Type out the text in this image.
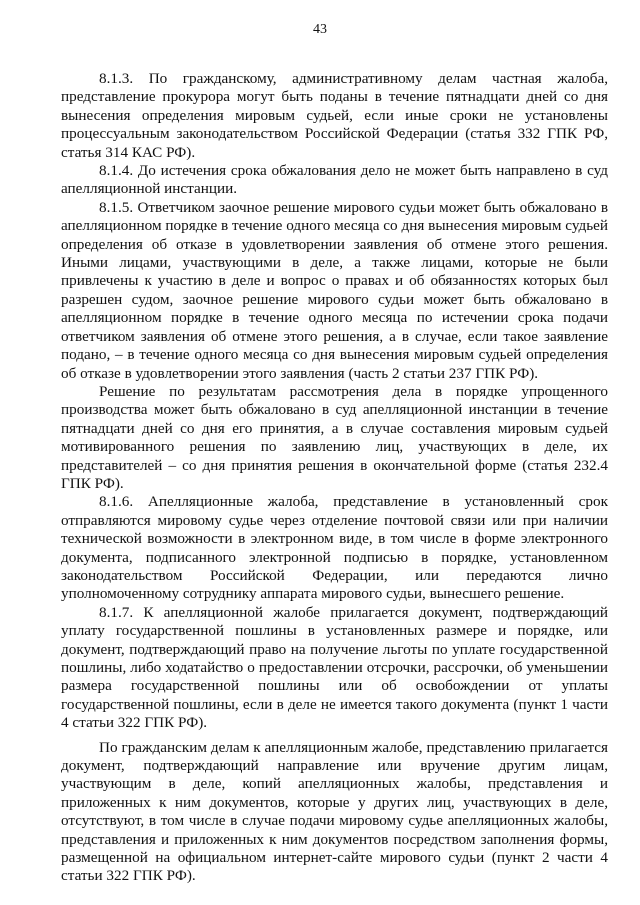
43

8.1.3. По гражданскому, административному делам частная жалоба, представление прокурора могут быть поданы в течение пятнадцати дней со дня вынесения определения мировым судьей, если иные сроки не установлены процессуальным законодательством Российской Федерации (статья 332 ГПК РФ, статья 314 КАС РФ).

8.1.4. До истечения срока обжалования дело не может быть направлено в суд апелляционной инстанции.

8.1.5. Ответчиком заочное решение мирового судьи может быть обжаловано в апелляционном порядке в течение одного месяца со дня вынесения мировым судьей определения об отказе в удовлетворении заявления об отмене этого решения. Иными лицами, участвующими в деле, а также лицами, которые не были привлечены к участию в деле и вопрос о правах и об обязанностях которых был разрешен судом, заочное решение мирового судьи может быть обжаловано в апелляционном порядке в течение одного месяца по истечении срока подачи ответчиком заявления об отмене этого решения, а в случае, если такое заявление подано, – в течение одного месяца со дня вынесения мировым судьей определения об отказе в удовлетворении этого заявления (часть 2 статьи 237 ГПК РФ).

Решение по результатам рассмотрения дела в порядке упрощенного производства может быть обжаловано в суд апелляционной инстанции в течение пятнадцати дней со дня его принятия, а в случае составления мировым судьей мотивированного решения по заявлению лиц, участвующих в деле, их представителей – со дня принятия решения в окончательной форме (статья 232.4 ГПК РФ).

8.1.6. Апелляционные жалоба, представление в установленный срок отправляются мировому судье через отделение почтовой связи или при наличии технической возможности в электронном виде, в том числе в форме электронного документа, подписанного электронной подписью в порядке, установленном законодательством Российской Федерации, или передаются лично уполномоченному сотруднику аппарата мирового судьи, вынесшего решение.

8.1.7. К апелляционной жалобе прилагается документ, подтверждающий уплату государственной пошлины в установленных размере и порядке, или документ, подтверждающий право на получение льготы по уплате государственной пошлины, либо ходатайство о предоставлении отсрочки, рассрочки, об уменьшении размера государственной пошлины или об освобождении от уплаты государственной пошлины, если в деле не имеется такого документа (пункт 1 части 4 статьи 322 ГПК РФ).

По гражданским делам к апелляционным жалобе, представлению прилагается документ, подтверждающий направление или вручение другим лицам, участвующим в деле, копий апелляционных жалобы, представления и приложенных к ним документов, которые у других лиц, участвующих в деле, отсутствуют, в том числе в случае подачи мировому судье апелляционных жалобы, представления и приложенных к ним документов посредством заполнения формы, размещенной на официальном интернет-сайте мирового судьи (пункт 2 части 4 статьи 322 ГПК РФ).
